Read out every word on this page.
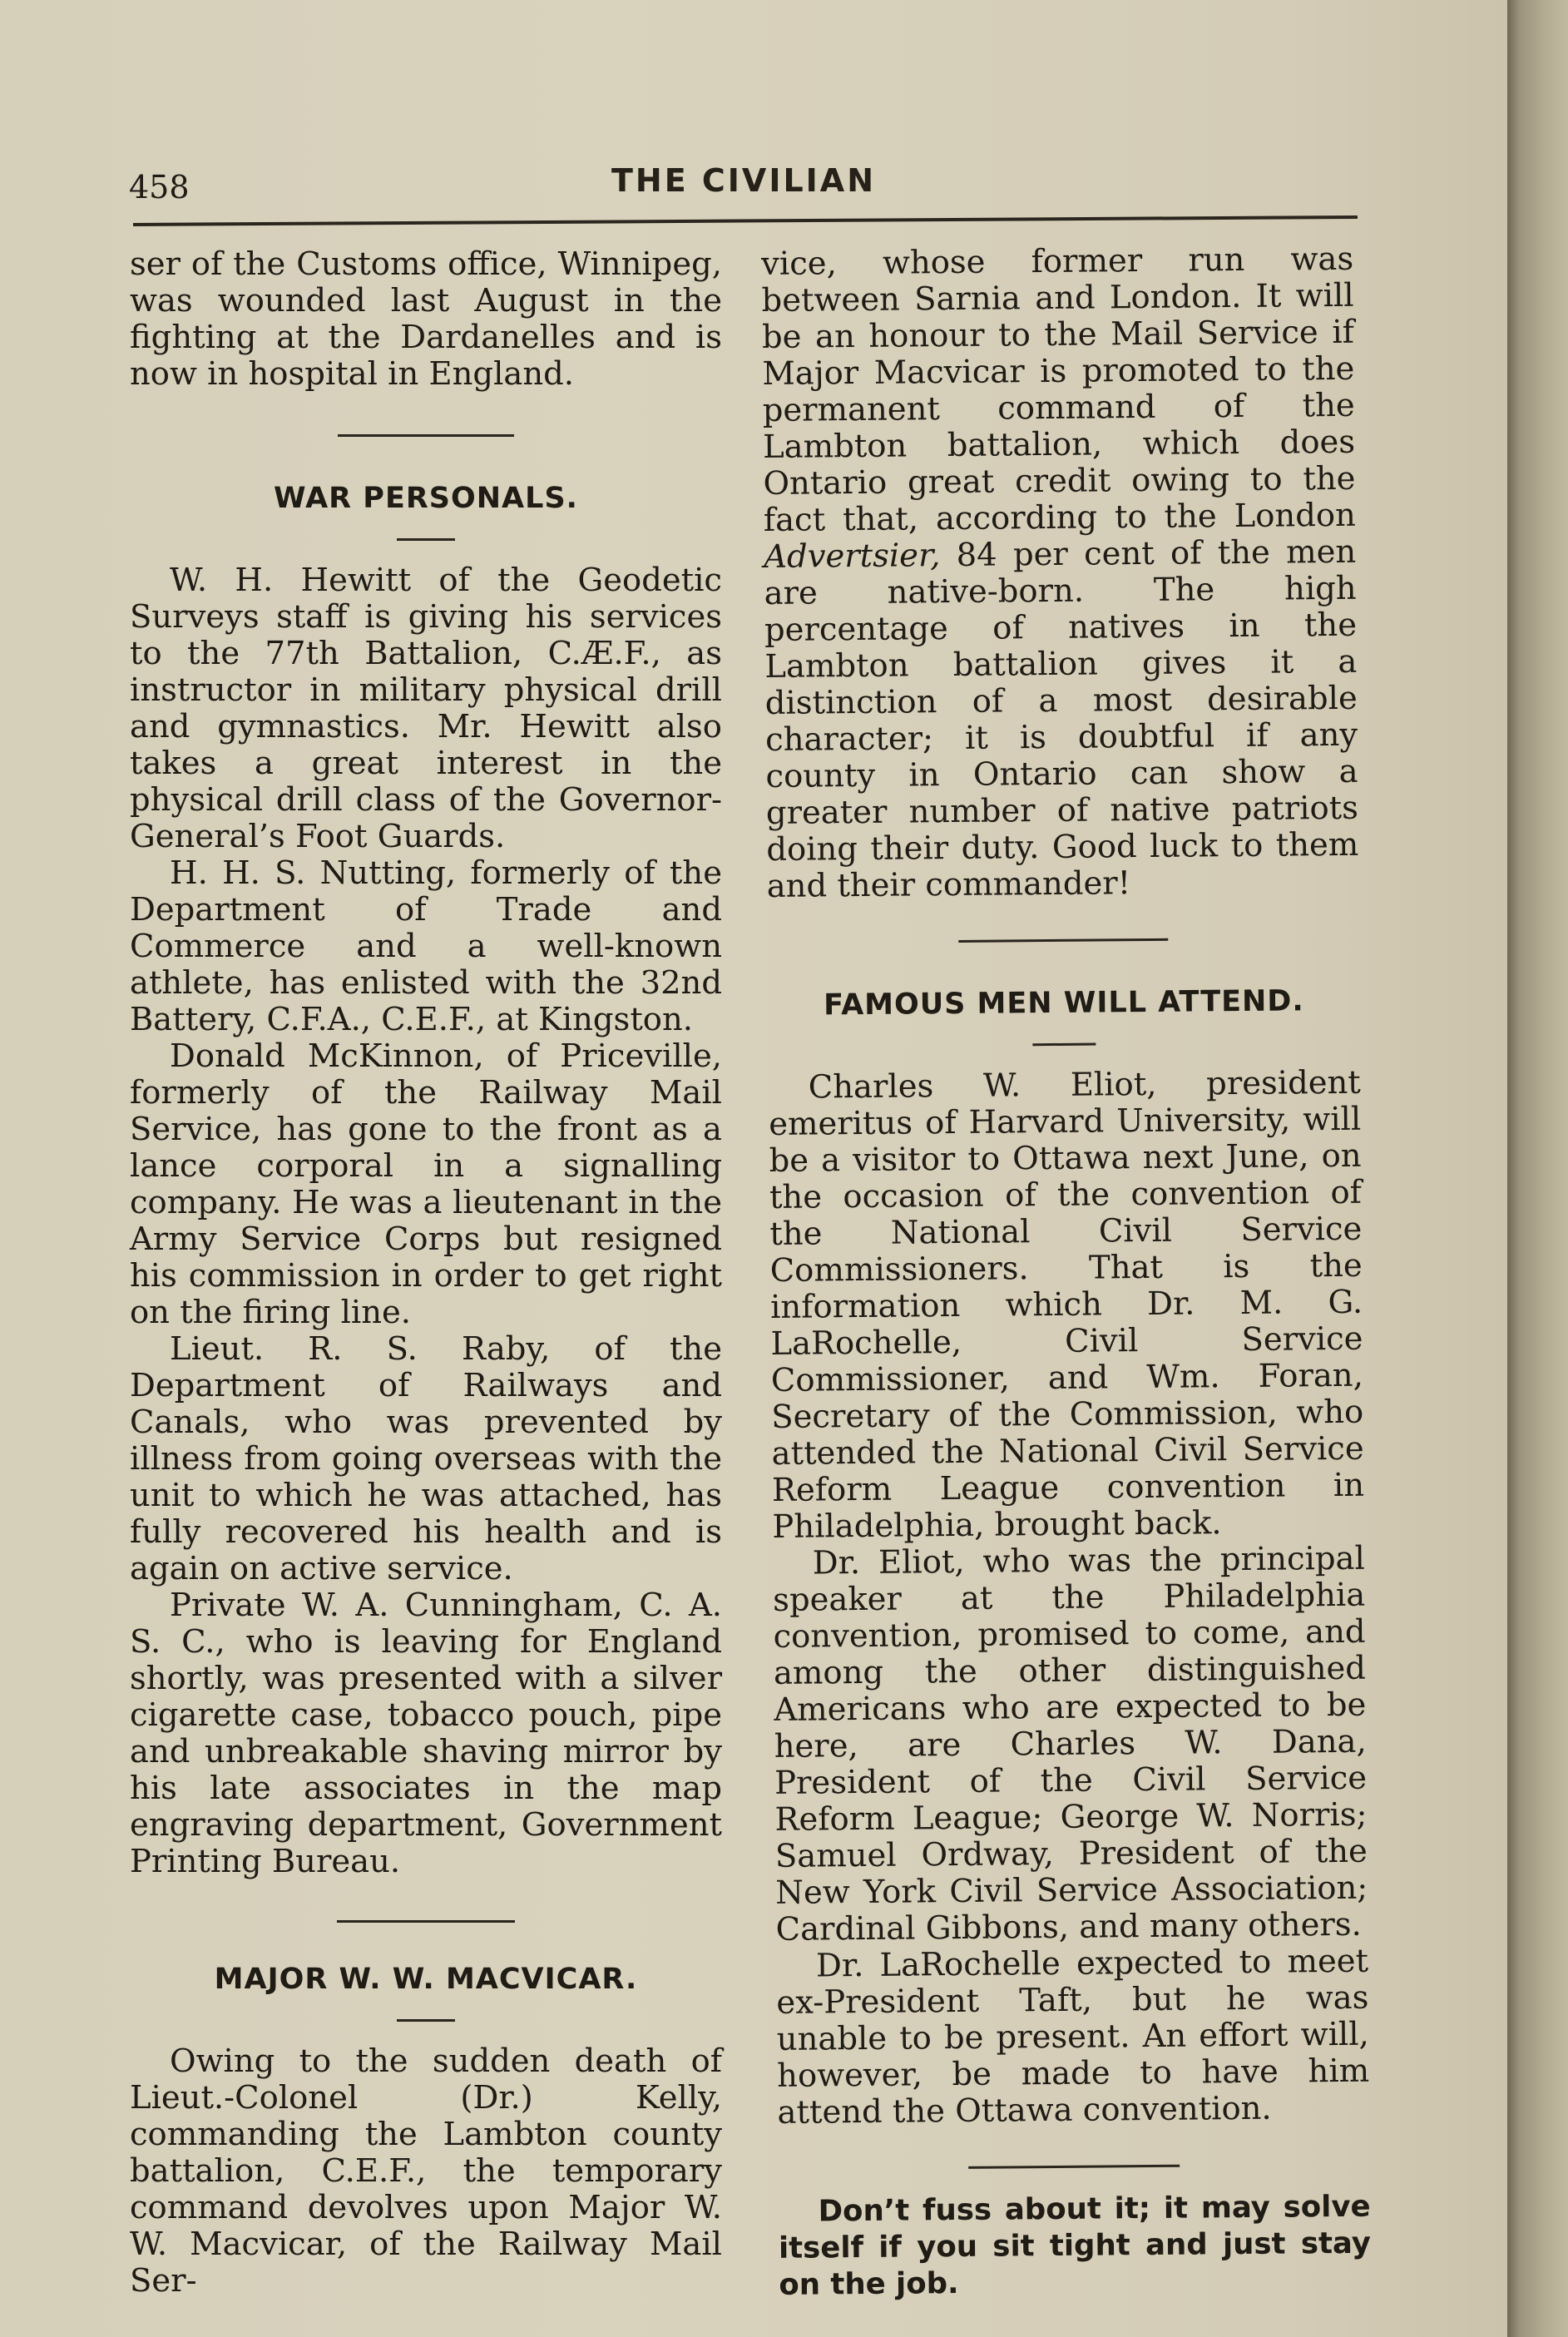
458	THE CIVILIAN

ser of the Customs office, Winnipeg, was wounded last August in the fighting at the Dardanelles and is now in hospital in England.

WAR PERSONALS.

W. H. Hewitt of the Geodetic Surveys staff is giving his services to the 77th Battalion, C.Æ.F., as instructor in military physical drill and gymnastics. Mr. Hewitt also takes a great interest in the physical drill class of the Governor-General’s Foot Guards.

H. H. S. Nutting, formerly of the Department of Trade and Commerce and a well-known athlete, has enlisted with the 32nd Battery, C.F.A., C.E.F., at Kingston.

Donald McKinnon, of Priceville, formerly of the Railway Mail Service, has gone to the front as a lance corporal in a signalling company. He was a lieutenant in the Army Service Corps but resigned his commission in order to get right on the firing line.

Lieut. R. S. Raby, of the Department of Railways and Canals, who was prevented by illness from going overseas with the unit to which he was attached, has fully recovered his health and is again on active service.

Private W. A. Cunningham, C. A. S. C., who is leaving for England shortly, was presented with a silver cigarette case, tobacco pouch, pipe and unbreakable shaving mirror by his late associates in the map engraving department, Government Printing Bureau.

MAJOR W. W. MACVICAR.

Owing to the sudden death of Lieut.-Colonel (Dr.) Kelly, commanding the Lambton county battalion, C.E.F., the temporary command devolves upon Major W. W. Macvicar, of the Railway Mail Ser-

vice, whose former run was between Sarnia and London. It will be an honour to the Mail Service if Major Macvicar is promoted to the permanent command of the Lambton battalion, which does Ontario great credit owing to the fact that, according to the London Advertsier, 84 per cent of the men are native-born. The high percentage of natives in the Lambton battalion gives it a distinction of a most desirable character; it is doubtful if any county in Ontario can show a greater number of native patriots doing their duty. Good luck to them and their commander!

FAMOUS MEN WILL ATTEND.

Charles W. Eliot, president emeritus of Harvard University, will be a visitor to Ottawa next June, on the occasion of the convention of the National Civil Service Commissioners. That is the information which Dr. M. G. LaRochelle, Civil Service Commissioner, and Wm. Foran, Secretary of the Commission, who attended the National Civil Service Reform League convention in Philadelphia, brought back.

Dr. Eliot, who was the principal speaker at the Philadelphia convention, promised to come, and among the other distinguished Americans who are expected to be here, are Charles W. Dana, President of the Civil Service Reform League; George W. Norris; Samuel Ordway, President of the New York Civil Service Association; Cardinal Gibbons, and many others.

Dr. LaRochelle expected to meet ex-President Taft, but he was unable to be present. An effort will, however, be made to have him attend the Ottawa convention.

Don’t fuss about it; it may solve itself if you sit tight and just stay on the job.
